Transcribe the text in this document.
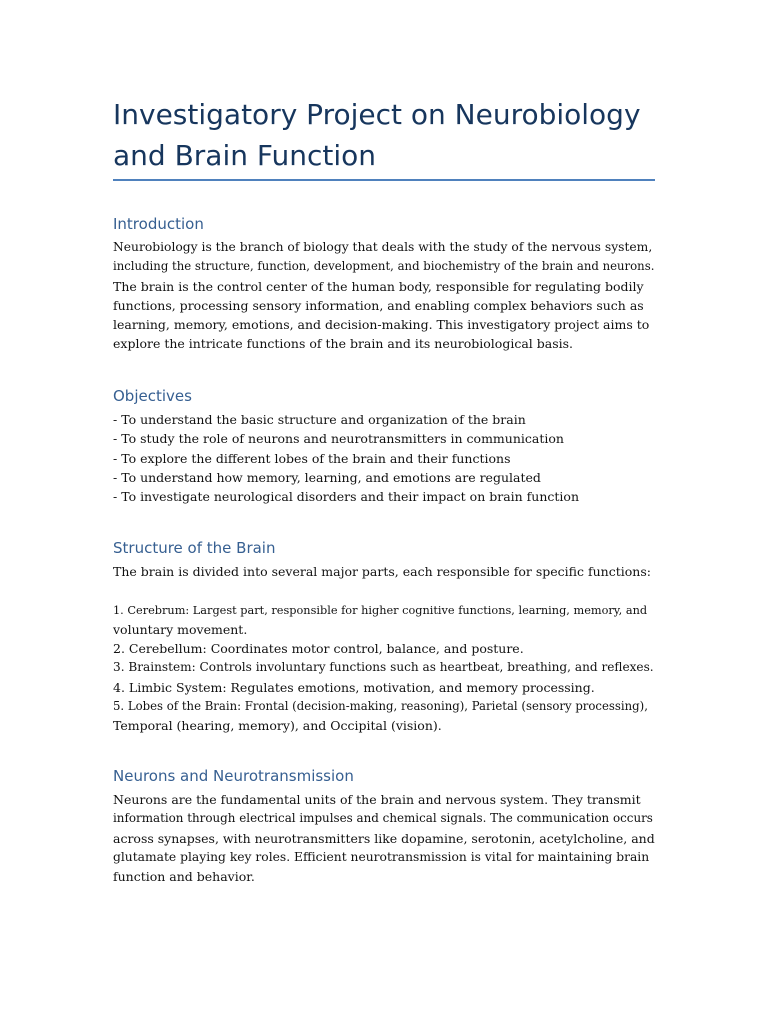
Investigatory Project on Neurobiology
and Brain Function
Introduction

Neurobiology is the branch of biology that deals with the study of the nervous system,
including the structure, function, development, and biochemistry of the brain and neurons.
The brain is the control center of the human body, responsible for regulating bodily
functions, processing sensory information, and enabling complex behaviors such as
learning, memory, emotions, and decision-making. This investigatory project aims to
explore the intricate functions of the brain and its neurobiological basis.

Objectives
- To understand the basic structure and organization of the brain
- To study the role of neurons and neurotransmitters in communication
- To explore the different lobes of the brain and their functions
- To understand how memory, learning, and emotions are regulated
- To investigate neurological disorders and their impact on brain function
Structure of the Brain
The brain is divided into several major parts, each responsible for specific functions:
1. Cerebrum: Largest part, responsible for higher cognitive functions, learning, memory, and
voluntary movement.
2. Cerebellum: Coordinates motor control, balance, and posture.
3. Brainstem: Controls involuntary functions such as heartbeat, breathing, and reflexes.
4. Limbic System: Regulates emotions, motivation, and memory processing.
5. Lobes of the Brain: Frontal (decision-making, reasoning), Parietal (sensory processing),
Temporal (hearing, memory), and Occipital (vision).
Neurons and Neurotransmission

Neurons are the fundamental units of the brain and nervous system. They transmit
information through electrical impulses and chemical signals. The communication occurs
across synapses, with neurotransmitters like dopamine, serotonin, acetylcholine, and
glutamate playing key roles. Efficient neurotransmission is vital for maintaining brain
function and behavior.
